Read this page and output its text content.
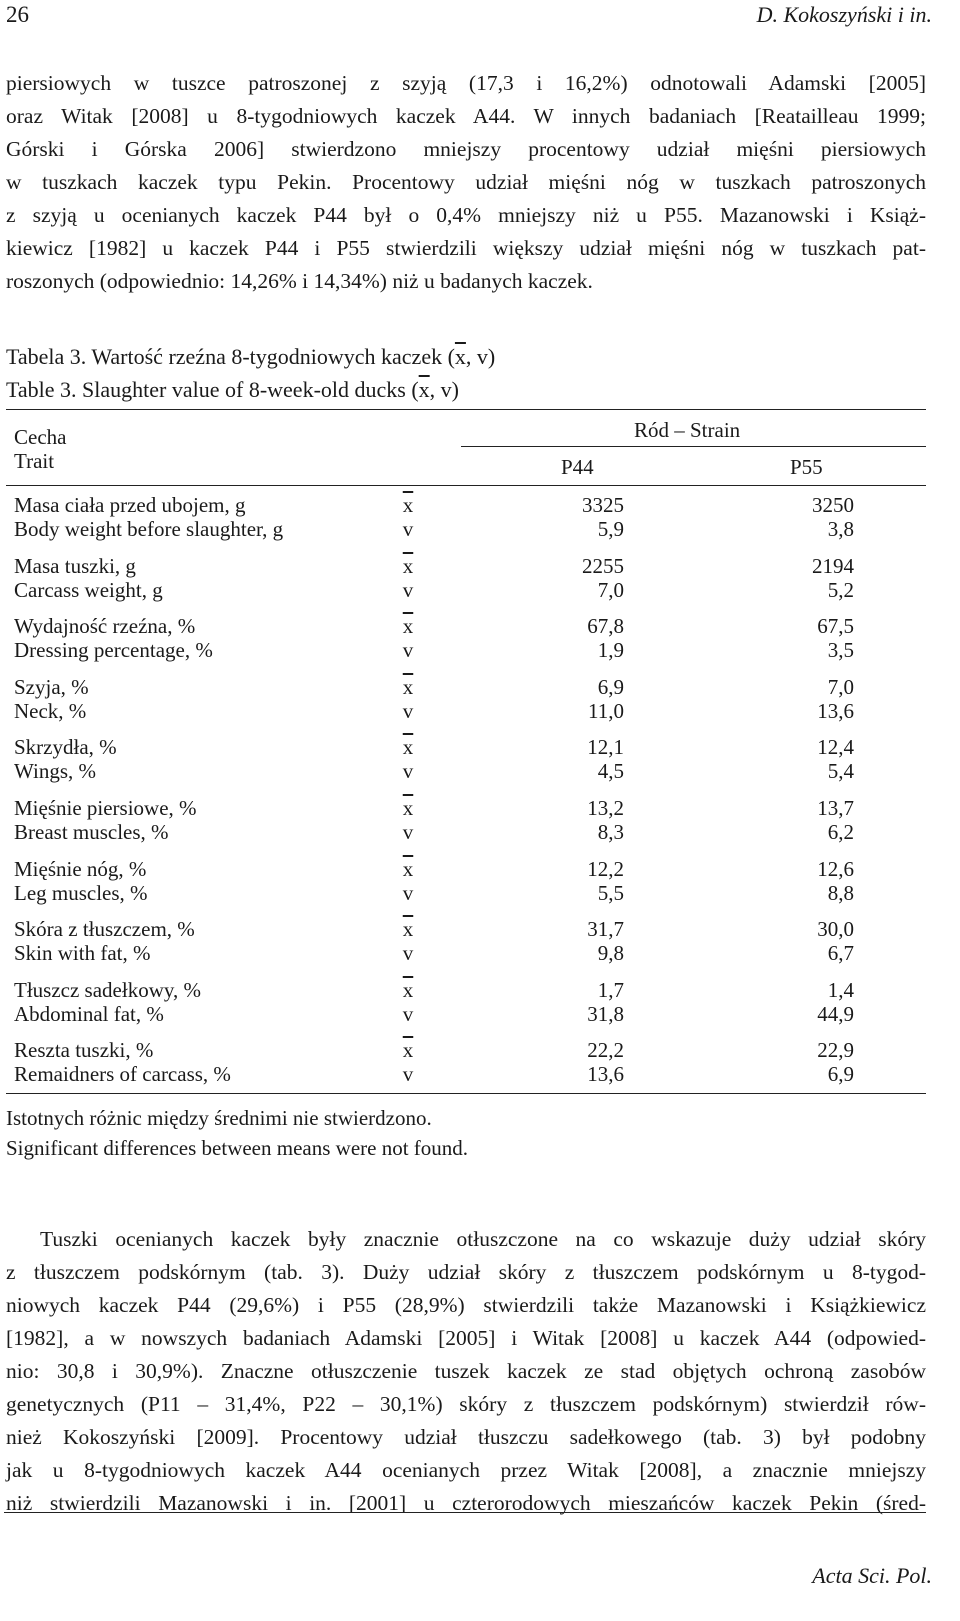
26	D. Kokoszyński i in.
piersiowych w tuszce patroszonej z szyją (17,3 i 16,2%) odnotowali Adamski [2005]
oraz Witak [2008] u 8-tygodniowych kaczek A44. W innych badaniach [Reatailleau 1999;
Górski i Górska 2006] stwierdzono mniejszy procentowy udział mięśni piersiowych
w tuszkach kaczek typu Pekin. Procentowy udział mięśni nóg w tuszkach patroszonych
z szyją u ocenianych kaczek P44 był o 0,4% mniejszy niż u P55. Mazanowski i Książ-
kiewicz [1982] u kaczek P44 i P55 stwierdzili większy udział mięśni nóg w tuszkach pat-
roszonych (odpowiednio: 14,26% i 14,34%) niż u badanych kaczek.
Tabela 3. Wartość rzeźna 8-tygodniowych kaczek ($\overline{x}$, v)
Table 3. Slaughter value of 8-week-old ducks ($\overline{x}$, v)
Cecha
Trait
Ród – Strain
P44	P55
Masa ciała przed ubojem, g
Body weight before slaughter, g
$\overline{x}$
v
3325
5,9
3250
3,8
Masa tuszki, g
Carcass weight, g
$\overline{x}$
v
2255
7,0
2194
5,2
Wydajność rzeźna, %
Dressing percentage, %
$\overline{x}$
v
67,8
1,9
67,5
3,5
Szyja, %
Neck, %
$\overline{x}$
v
6,9
11,0
7,0
13,6
Skrzydła, %
Wings, %
$\overline{x}$
v
12,1
4,5
12,4
5,4
Mięśnie piersiowe, %
Breast muscles, %
$\overline{x}$
v
13,2
8,3
13,7
6,2
Mięśnie nóg, %
Leg muscles, %
$\overline{x}$
v
12,2
5,5
12,6
8,8
Skóra z tłuszczem, %
Skin with fat, %
$\overline{x}$
v
31,7
9,8
30,0
6,7
Tłuszcz sadełkowy, %
Abdominal fat, %
$\overline{x}$
v
1,7
31,8
1,4
44,9
Reszta tuszki, %
Remaidners of carcass, %
$\overline{x}$
v
22,2
13,6
22,9
6,9
Istotnych różnic między średnimi nie stwierdzono.
Significant differences between means were not found.
Tuszki ocenianych kaczek były znacznie otłuszczone na co wskazuje duży udział skóry
z tłuszczem podskórnym (tab. 3). Duży udział skóry z tłuszczem podskórnym u 8-tygod-
niowych kaczek P44 (29,6%) i P55 (28,9%) stwierdzili także Mazanowski i Książkiewicz
[1982], a w nowszych badaniach Adamski [2005] i Witak [2008] u kaczek A44 (odpowied-
nio: 30,8 i 30,9%). Znaczne otłuszczenie tuszek kaczek ze stad objętych ochroną zasobów
genetycznych (P11 – 31,4%, P22 – 30,1%) skóry z tłuszczem podskórnym) stwierdził rów-
nież Kokoszyński [2009]. Procentowy udział tłuszczu sadełkowego (tab. 3) był podobny
jak u 8-tygodniowych kaczek A44 ocenianych przez Witak [2008], a znacznie mniejszy
niż stwierdzili Mazanowski i in. [2001] u czterorodowych mieszańców kaczek Pekin (śred-
Acta Sci. Pol.
